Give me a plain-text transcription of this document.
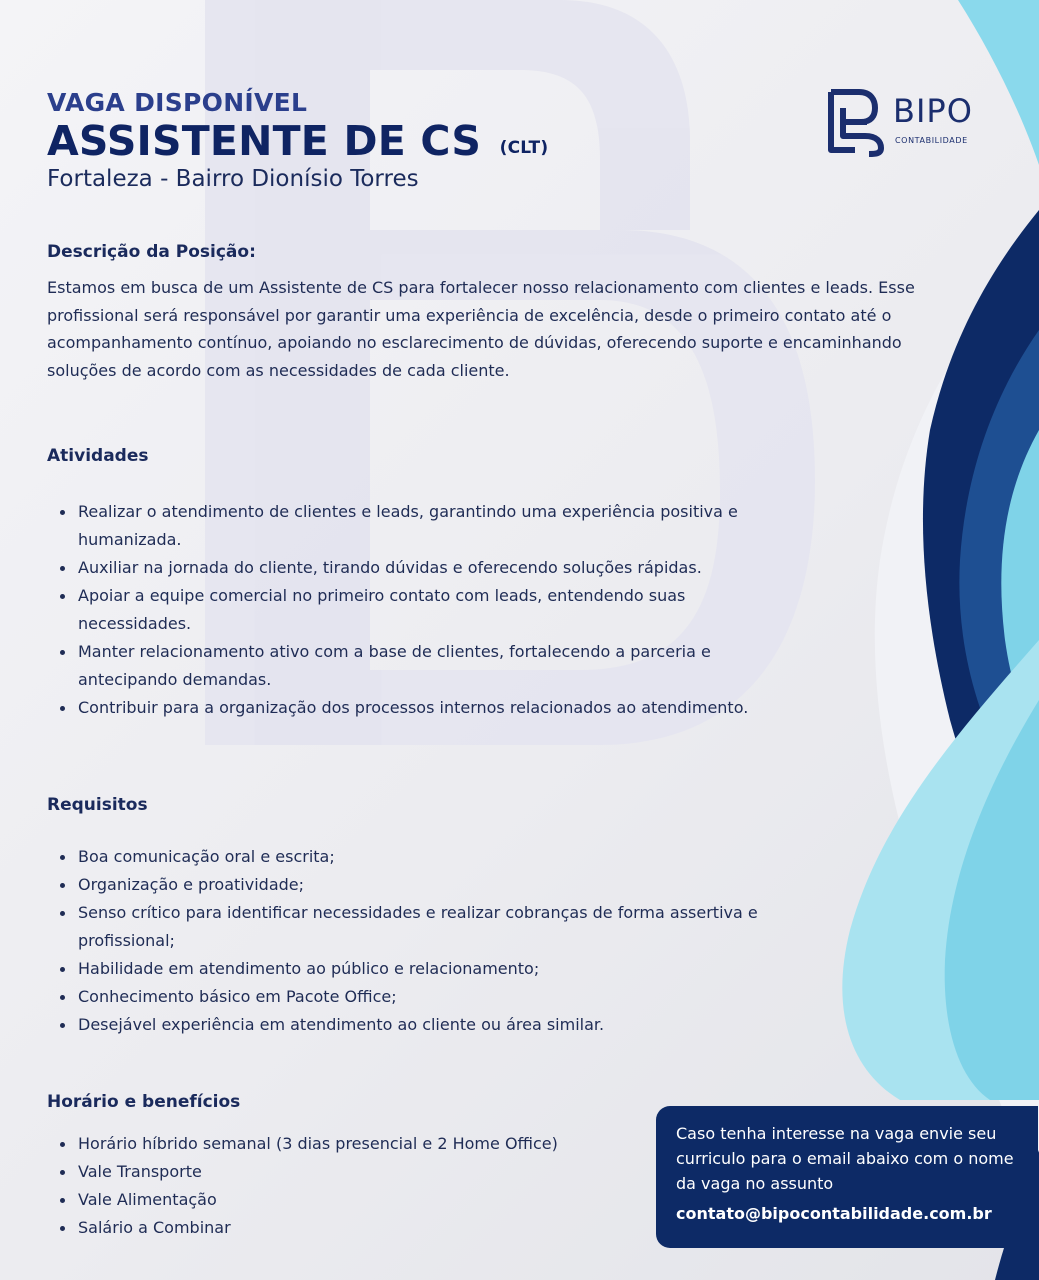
VAGA DISPONÍVEL
ASSISTENTE DE CS (CLT)
Fortaleza - Bairro Dionísio Torres
BIPO
CONTABILIDADE
Descrição da Posição:

Estamos em busca de um Assistente de CS para fortalecer nosso relacionamento com clientes e leads. Esse profissional será responsável por garantir uma experiência de excelência, desde o primeiro contato até o acompanhamento contínuo, apoiando no esclarecimento de dúvidas, oferecendo suporte e encaminhando soluções de acordo com as necessidades de cada cliente.

Atividades
Realizar o atendimento de clientes e leads, garantindo uma experiência positiva e humanizada.
Auxiliar na jornada do cliente, tirando dúvidas e oferecendo soluções rápidas.
Apoiar a equipe comercial no primeiro contato com leads, entendendo suas necessidades.
Manter relacionamento ativo com a base de clientes, fortalecendo a parceria e antecipando demandas.
Contribuir para a organização dos processos internos relacionados ao atendimento.
Requisitos
Boa comunicação oral e escrita;
Organização e proatividade;
Senso crítico para identificar necessidades e realizar cobranças de forma assertiva e profissional;
Habilidade em atendimento ao público e relacionamento;
Conhecimento básico em Pacote Office;
Desejável experiência em atendimento ao cliente ou área similar.
Horário e benefícios
Horário híbrido semanal (3 dias presencial e 2 Home Office)
Vale Transporte
Vale Alimentação
Salário a Combinar

Caso tenha interesse na vaga envie seu curriculo para o email abaixo com o nome da vaga no assunto

contato@bipocontabilidade.com.br
